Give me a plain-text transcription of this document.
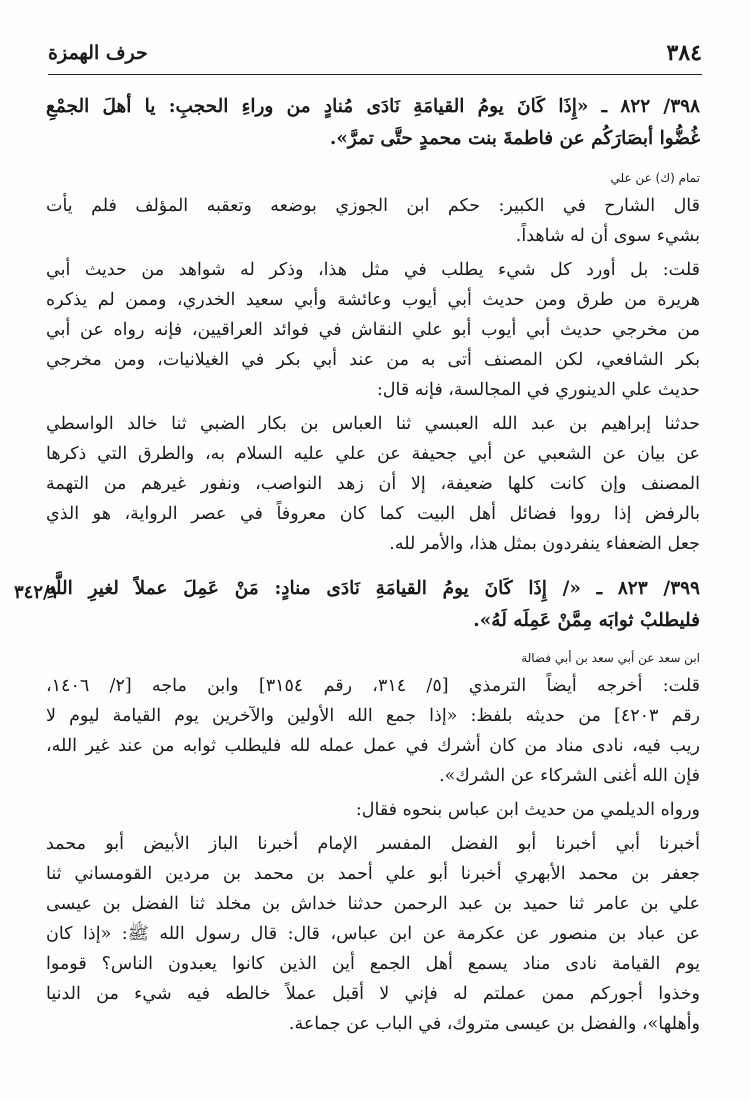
٣٨٤
حرف الهمزة
٣٤٢/١
٣٩٨/ ٨٢٢ ـ «إِذَا كَانَ يومُ القيامَةِ نَادَى مُنادٍ من وراءِ الحجبِ: يا أهلَ الجمْعِ
غُضُّوا أبصَارَكُم عن فاطمةَ بنت محمدٍ حتَّى تمرَّ».
تمام (ك) عن علي
قال الشارح في الكبير: حكم ابن الجوزي بوضعه وتعقبه المؤلف فلم يأت
بشيء سوى أن له شاهداً.
قلت: بل أورد كل شيء يطلب في مثل هذا، وذكر له شواهد من حديث أبي
هريرة من طرق ومن حديث أبي أيوب وعائشة وأبي سعيد الخدري، وممن لم يذكره
من مخرجي حديث أبي أيوب أبو علي النقاش في فوائد العراقيين، فإنه رواه عن أبي
بكر الشافعي، لكن المصنف أتى به من عند أبي بكر في الغيلانيات، ومن مخرجي
حديث علي الدينوري في المجالسة، فإنه قال:
حدثنا إبراهيم بن عبد الله العبسي ثنا العباس بن بكار الضبي ثنا خالد الواسطي
عن بيان عن الشعبي عن أبي جحيفة عن علي عليه السلام به، والطرق التي ذكرها
المصنف وإن كانت كلها ضعيفة، إلا أن زهد النواصب، ونفور غيرهم من التهمة
بالرفض إذا رووا فضائل أهل البيت كما كان معروفاً في عصر الرواية، هو الذي
جعل الضعفاء ينفردون بمثل هذا، والأمر لله.
٣٩٩/ ٨٢٣ ـ «/ إِذَا كَانَ يومُ القيامَةِ نَادَى منادٍ: مَنْ عَمِلَ عملاً لغيرِ اللَّهِ
فليطلبْ ثوابَه مِمَّنْ عَمِلَه لَهُ».
ابن سعد عن أبي سعد بن أبي فضالة
قلت: أخرجه أيضاً الترمذي [٥/ ٣١٤، رقم ٣١٥٤] وابن ماجه [٢/ ١٤٠٦،
رقم ٤٢٠٣] من حديثه بلفظ: «إذا جمع الله الأولين والآخرين يوم القيامة ليوم لا
ريب فيه، نادى مناد من كان أشرك في عمل عمله لله فليطلب ثوابه من عند غير الله،
فإن الله أغنى الشركاء عن الشرك».
ورواه الديلمي من حديث ابن عباس بنحوه فقال:
أخبرنا أبي أخبرنا أبو الفضل المفسر الإمام أخبرنا الباز الأبيض أبو محمد
جعفر بن محمد الأبهري أخبرنا أبو علي أحمد بن محمد بن مردين القومساني ثنا
علي بن عامر ثنا حميد بن عبد الرحمن حدثنا خداش بن مخلد ثنا الفضل بن عيسى
عن عباد بن منصور عن عكرمة عن ابن عباس، قال: قال رسول الله ﷺ: «إذا كان
يوم القيامة نادى مناد يسمع أهل الجمع أين الذين كانوا يعبدون الناس؟ قوموا
وخذوا أجوركم ممن عملتم له فإني لا أقبل عملاً خالطه فيه شيء من الدنيا
وأهلها»، والفضل بن عيسى متروك، في الباب عن جماعة.
